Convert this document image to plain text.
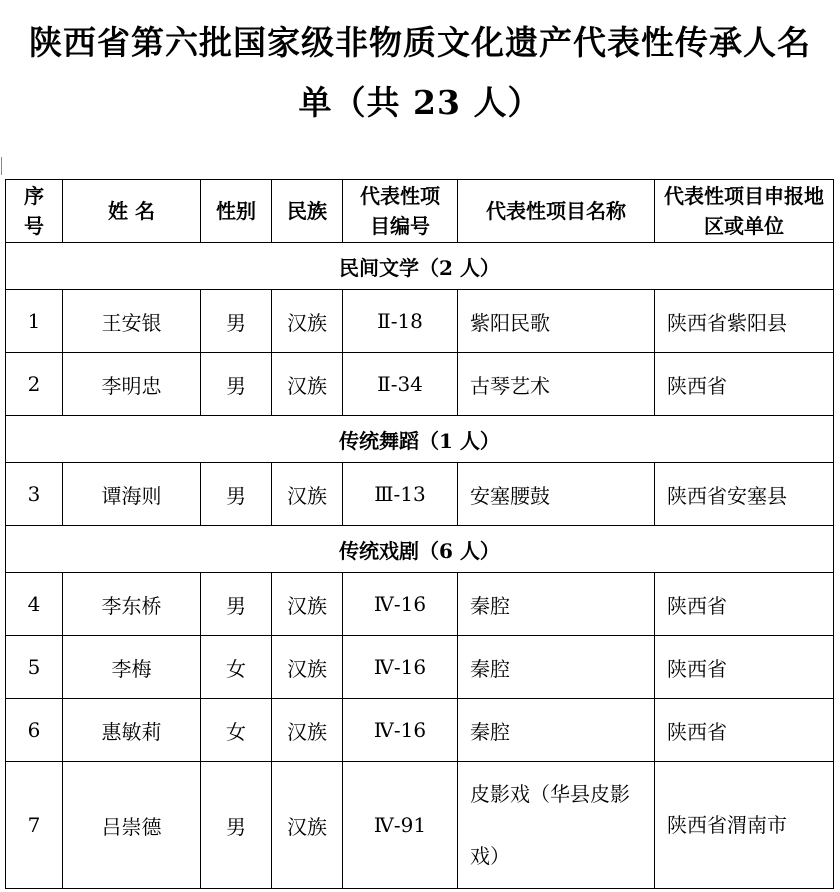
陕西省第六批国家级非物质文化遗产代表性传承人名
单（共 23 人）
序号	姓 名	性别	民族	代表性项目编号	代表性项目名称	代表性项目申报地区或单位
民间文学（2 人）						
1	王安银	男	汉族	Ⅱ-18	紫阳民歌	陕西省紫阳县
2	李明忠	男	汉族	Ⅱ-34	古琴艺术	陕西省
传统舞蹈（1 人）						
3	谭海则	男	汉族	Ⅲ-13	安塞腰鼓	陕西省安塞县
传统戏剧（6 人）						
4	李东桥	男	汉族	Ⅳ-16	秦腔	陕西省
5	李梅	女	汉族	Ⅳ-16	秦腔	陕西省
6	惠敏莉	女	汉族	Ⅳ-16	秦腔	陕西省
7	吕崇德	男	汉族	Ⅳ-91	皮影戏（华县皮影戏）	陕西省渭南市
